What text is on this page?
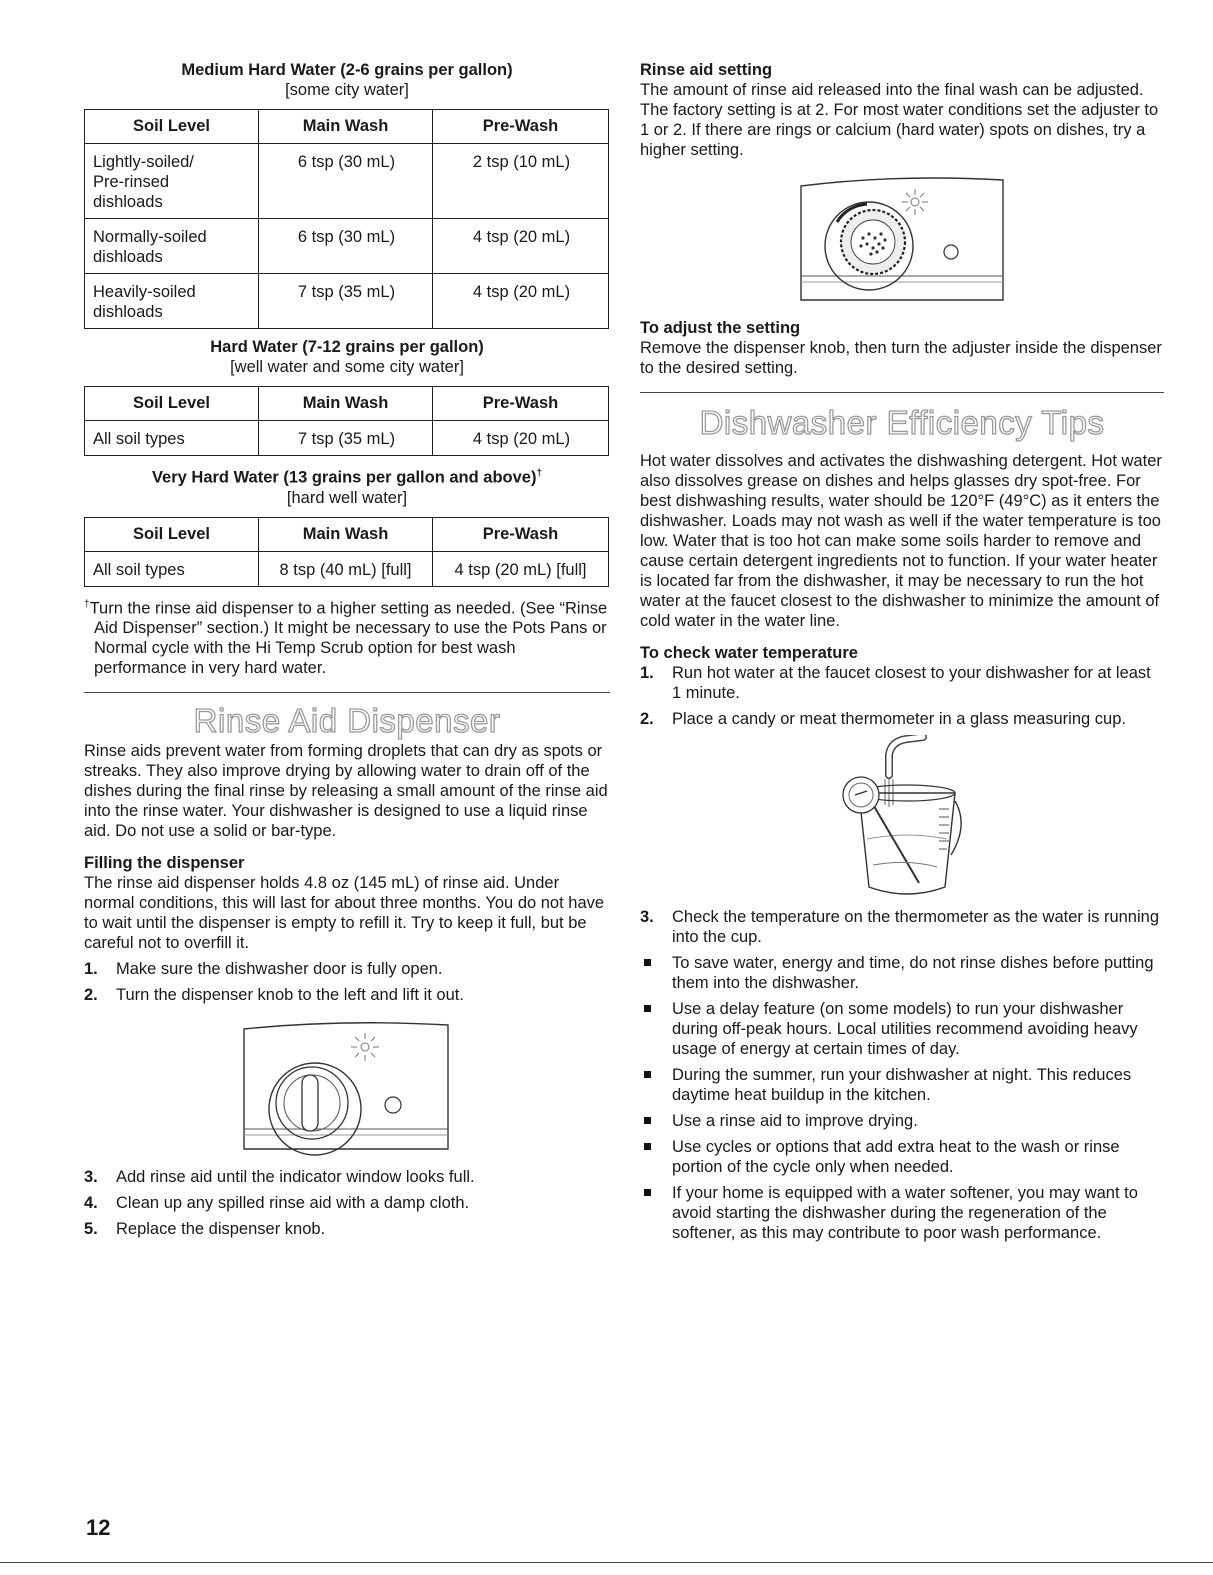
Medium Hard Water (2-6 grains per gallon)

[some city water]

Soil Level	Main Wash	Pre-Wash
Lightly-soiled/
Pre-rinsed
dishloads	6 tsp (30 mL)	2 tsp (10 mL)
Normally-soiled
dishloads	6 tsp (30 mL)	4 tsp (20 mL)
Heavily-soiled
dishloads	7 tsp (35 mL)	4 tsp (20 mL)

Hard Water (7-12 grains per gallon)

[well water and some city water]

Soil Level	Main Wash	Pre-Wash
All soil types	7 tsp (35 mL)	4 tsp (20 mL)

Very Hard Water (13 grains per gallon and above)†

[hard well water]

Soil Level	Main Wash	Pre-Wash
All soil types	8 tsp (40 mL) [full]	4 tsp (20 mL) [full]

†Turn the rinse aid dispenser to a higher setting as needed. (See “Rinse Aid Dispenser” section.) It might be necessary to use the Pots Pans or Normal cycle with the Hi Temp Scrub option for best wash performance in very hard water.

Rinse Aid Dispenser

Rinse aids prevent water from forming droplets that can dry as spots or streaks. They also improve drying by allowing water to drain off of the dishes during the final rinse by releasing a small amount of the rinse aid into the rinse water. Your dishwasher is designed to use a liquid rinse aid. Do not use a solid or bar-type.

Filling the dispenser

The rinse aid dispenser holds 4.8 oz (145 mL) of rinse aid. Under normal conditions, this will last for about three months. You do not have to wait until the dispenser is empty to refill it. Try to keep it full, but be careful not to overfill it.

1. Make sure the dishwasher door is fully open.
2. Turn the dispenser knob to the left and lift it out.
3. Add rinse aid until the indicator window looks full.
4. Clean up any spilled rinse aid with a damp cloth.
5. Replace the dispenser knob.

Rinse aid setting

The amount of rinse aid released into the final wash can be adjusted. The factory setting is at 2. For most water conditions set the adjuster to 1 or 2. If there are rings or calcium (hard water) spots on dishes, try a higher setting.

To adjust the setting

Remove the dispenser knob, then turn the adjuster inside the dispenser to the desired setting.

Dishwasher Efficiency Tips

Hot water dissolves and activates the dishwashing detergent. Hot water also dissolves grease on dishes and helps glasses dry spot-free. For best dishwashing results, water should be 120°F (49°C) as it enters the dishwasher. Loads may not wash as well if the water temperature is too low. Water that is too hot can make some soils harder to remove and cause certain detergent ingredients not to function. If your water heater is located far from the dishwasher, it may be necessary to run the hot water at the faucet closest to the dishwasher to minimize the amount of cold water in the water line.

To check water temperature

1. Run hot water at the faucet closest to your dishwasher for at least 1 minute.
2. Place a candy or meat thermometer in a glass measuring cup.
3. Check the temperature on the thermometer as the water is running into the cup.
To save water, energy and time, do not rinse dishes before putting them into the dishwasher.
Use a delay feature (on some models) to run your dishwasher during off-peak hours. Local utilities recommend avoiding heavy usage of energy at certain times of day.
During the summer, run your dishwasher at night. This reduces daytime heat buildup in the kitchen.
Use a rinse aid to improve drying.
Use cycles or options that add extra heat to the wash or rinse portion of the cycle only when needed.
If your home is equipped with a water softener, you may want to avoid starting the dishwasher during the regeneration of the softener, as this may contribute to poor wash performance.
12
